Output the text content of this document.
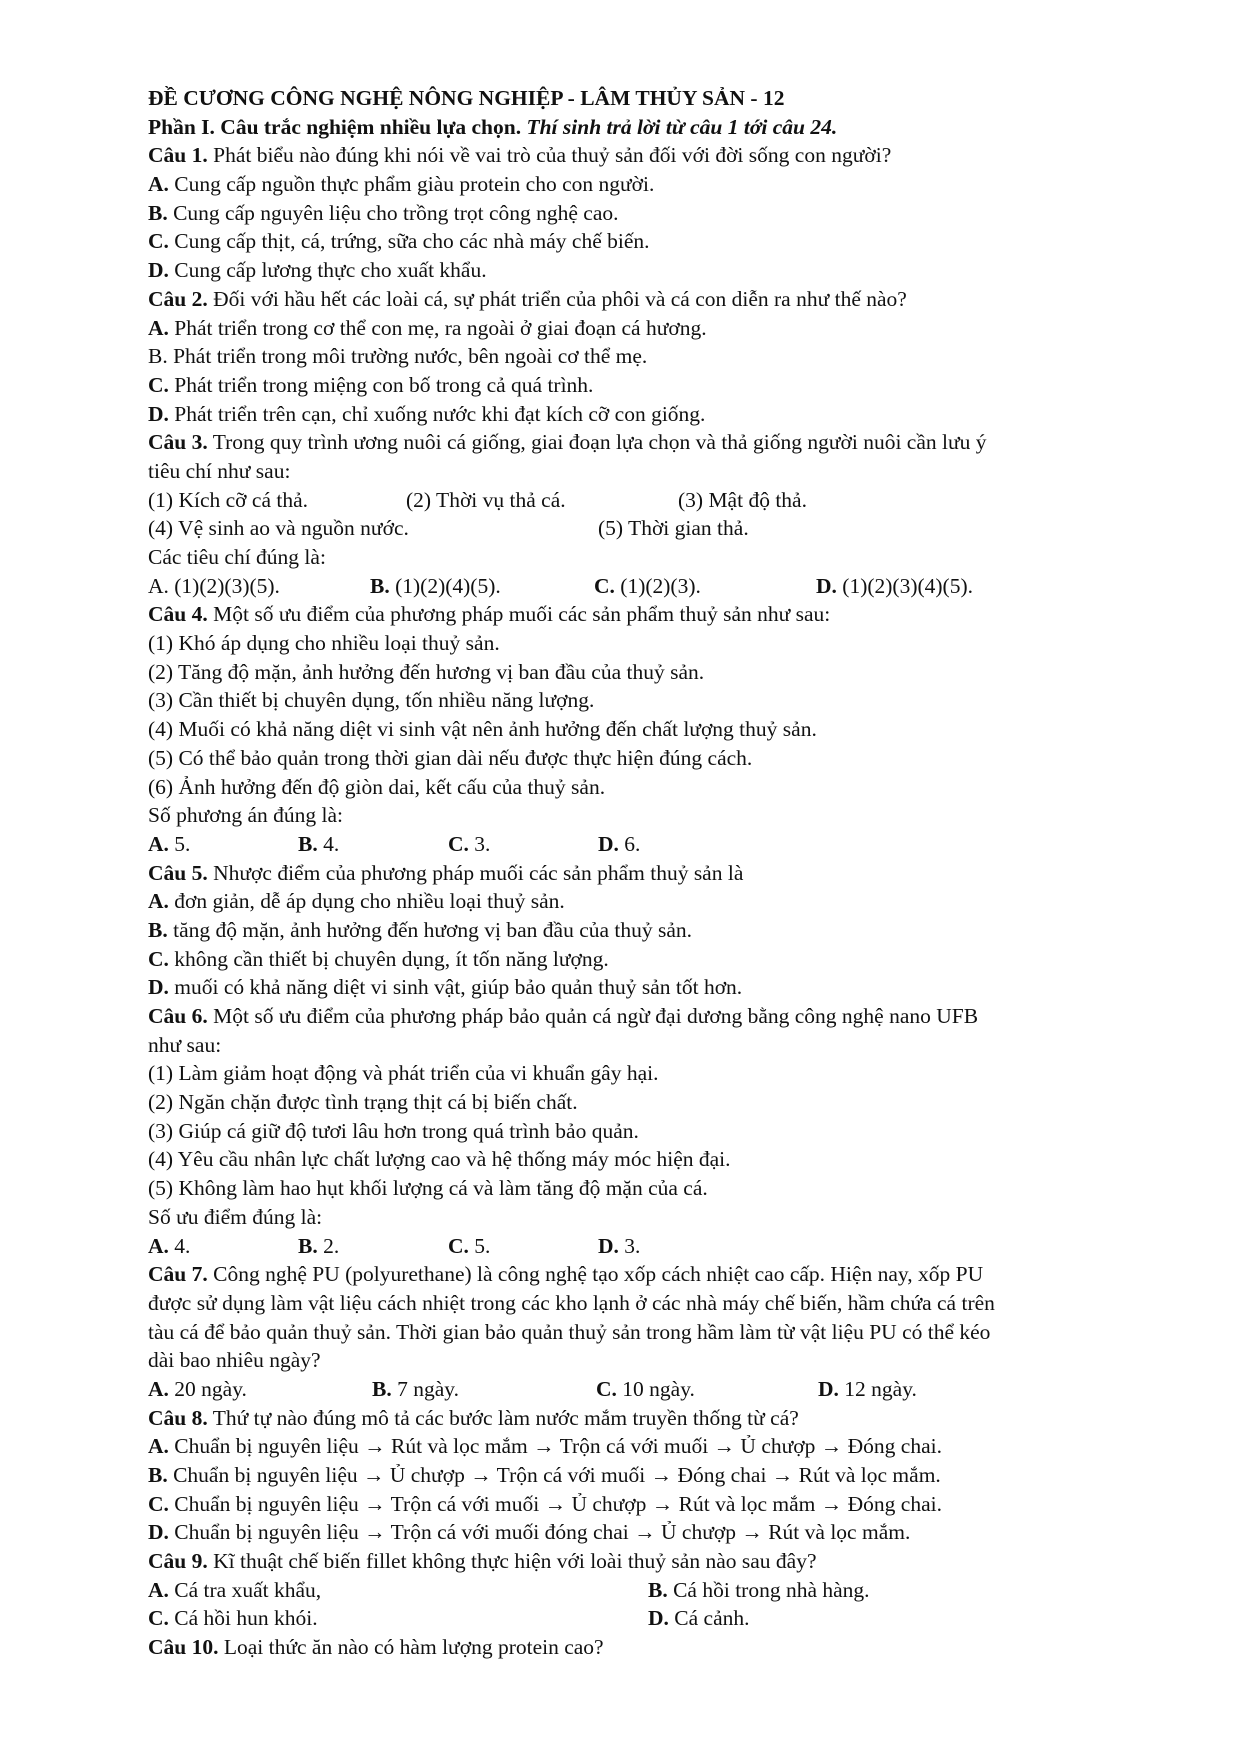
ĐỀ CƯƠNG CÔNG NGHỆ NÔNG NGHIỆP - LÂM THỦY SẢN - 12
Phần I. Câu trắc nghiệm nhiều lựa chọn. Thí sinh trả lời từ câu 1 tới câu 24.
Câu 1. Phát biểu nào đúng khi nói về vai trò của thuỷ sản đối với đời sống con người?
A. Cung cấp nguồn thực phẩm giàu protein cho con người.
B. Cung cấp nguyên liệu cho trồng trọt công nghệ cao.
C. Cung cấp thịt, cá, trứng, sữa cho các nhà máy chế biến.
D. Cung cấp lương thực cho xuất khẩu.
Câu 2. Đối với hầu hết các loài cá, sự phát triển của phôi và cá con diễn ra như thế nào?
A. Phát triển trong cơ thể con mẹ, ra ngoài ở giai đoạn cá hương.
B. Phát triển trong môi trường nước, bên ngoài cơ thể mẹ.
C. Phát triển trong miệng con bố trong cả quá trình.
D. Phát triển trên cạn, chỉ xuống nước khi đạt kích cỡ con giống.
Câu 3. Trong quy trình ương nuôi cá giống, giai đoạn lựa chọn và thả giống người nuôi cần lưu ý
tiêu chí như sau:
(1) Kích cỡ cá thả.	(2) Thời vụ thả cá.	(3) Mật độ thả.
(4) Vệ sinh ao và nguồn nước.	(5) Thời gian thả.
Các tiêu chí đúng là:
A. (1)(2)(3)(5).	B. (1)(2)(4)(5).	C. (1)(2)(3).	D. (1)(2)(3)(4)(5).
Câu 4. Một số ưu điểm của phương pháp muối các sản phẩm thuỷ sản như sau:
(1) Khó áp dụng cho nhiều loại thuỷ sản.
(2) Tăng độ mặn, ảnh hưởng đến hương vị ban đầu của thuỷ sản.
(3) Cần thiết bị chuyên dụng, tốn nhiều năng lượng.
(4) Muối có khả năng diệt vi sinh vật nên ảnh hưởng đến chất lượng thuỷ sản.
(5) Có thể bảo quản trong thời gian dài nếu được thực hiện đúng cách.
(6) Ảnh hưởng đến độ giòn dai, kết cấu của thuỷ sản.
Số phương án đúng là:
A. 5.	B. 4.	C. 3.	D. 6.
Câu 5. Nhược điểm của phương pháp muối các sản phẩm thuỷ sản là
A. đơn giản, dễ áp dụng cho nhiều loại thuỷ sản.
B. tăng độ mặn, ảnh hưởng đến hương vị ban đầu của thuỷ sản.
C. không cần thiết bị chuyên dụng, ít tốn năng lượng.
D. muối có khả năng diệt vi sinh vật, giúp bảo quản thuỷ sản tốt hơn.
Câu 6. Một số ưu điểm của phương pháp bảo quản cá ngừ đại dương bằng công nghệ nano UFB
như sau:
(1) Làm giảm hoạt động và phát triển của vi khuẩn gây hại.
(2) Ngăn chặn được tình trạng thịt cá bị biến chất.
(3) Giúp cá giữ độ tươi lâu hơn trong quá trình bảo quản.
(4) Yêu cầu nhân lực chất lượng cao và hệ thống máy móc hiện đại.
(5) Không làm hao hụt khối lượng cá và làm tăng độ mặn của cá.
Số ưu điểm đúng là:
A. 4.	B. 2.	C. 5.	D. 3.
Câu 7. Công nghệ PU (polyurethane) là công nghệ tạo xốp cách nhiệt cao cấp. Hiện nay, xốp PU
được sử dụng làm vật liệu cách nhiệt trong các kho lạnh ở các nhà máy chế biến, hầm chứa cá trên
tàu cá để bảo quản thuỷ sản. Thời gian bảo quản thuỷ sản trong hầm làm từ vật liệu PU có thể kéo
dài bao nhiêu ngày?
A. 20 ngày.	B. 7 ngày.	C. 10 ngày.	D. 12 ngày.
Câu 8. Thứ tự nào đúng mô tả các bước làm nước mắm truyền thống từ cá?
A. Chuẩn bị nguyên liệu → Rút và lọc mắm → Trộn cá với muối → Ủ chượp → Đóng chai.
B. Chuẩn bị nguyên liệu → Ủ chượp → Trộn cá với muối → Đóng chai → Rút và lọc mắm.
C. Chuẩn bị nguyên liệu → Trộn cá với muối → Ủ chượp → Rút và lọc mắm → Đóng chai.
D. Chuẩn bị nguyên liệu → Trộn cá với muối đóng chai → Ủ chượp → Rút và lọc mắm.
Câu 9. Kĩ thuật chế biến fillet không thực hiện với loài thuỷ sản nào sau đây?
A. Cá tra xuất khẩu,	B. Cá hồi trong nhà hàng.
C. Cá hồi hun khói.	D. Cá cảnh.
Câu 10. Loại thức ăn nào có hàm lượng protein cao?
